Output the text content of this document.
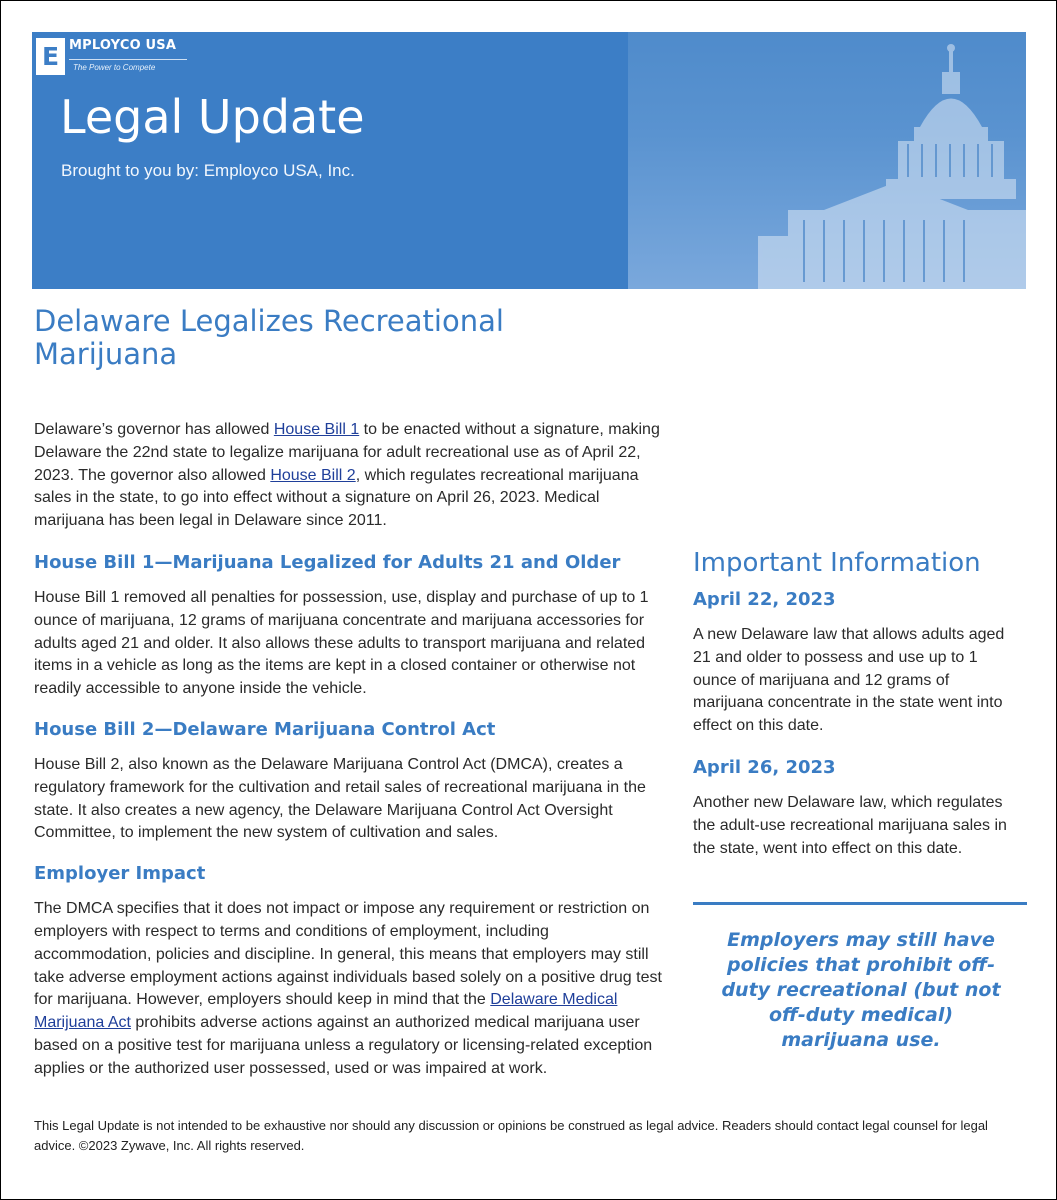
E MPLOYCO USA
The Power to Compete
Legal Update
Brought to you by: Employco USA, Inc.
Delaware Legalizes Recreational Marijuana

Delaware’s governor has allowed House Bill 1 to be enacted without a signature, making Delaware the 22nd state to legalize marijuana for adult recreational use as of April 22, 2023. The governor also allowed House Bill 2, which regulates recreational marijuana sales in the state, to go into effect without a signature on April 26, 2023. Medical marijuana has been legal in Delaware since 2011.

House Bill 1—Marijuana Legalized for Adults 21 and Older

House Bill 1 removed all penalties for possession, use, display and purchase of up to 1 ounce of marijuana, 12 grams of marijuana concentrate and marijuana accessories for adults aged 21 and older. It also allows these adults to transport marijuana and related items in a vehicle as long as the items are kept in a closed container or otherwise not readily accessible to anyone inside the vehicle.

House Bill 2—Delaware Marijuana Control Act

House Bill 2, also known as the Delaware Marijuana Control Act (DMCA), creates a regulatory framework for the cultivation and retail sales of recreational marijuana in the state. It also creates a new agency, the Delaware Marijuana Control Act Oversight Committee, to implement the new system of cultivation and sales.

Employer Impact

The DMCA specifies that it does not impact or impose any requirement or restriction on employers with respect to terms and conditions of employment, including accommodation, policies and discipline. In general, this means that employers may still take adverse employment actions against individuals based solely on a positive drug test for marijuana. However, employers should keep in mind that the Delaware Medical Marijuana Act prohibits adverse actions against an authorized medical marijuana user based on a positive test for marijuana unless a regulatory or licensing-related exception applies or the authorized user possessed, used or was impaired at work.

Important Information
April 22, 2023

A new Delaware law that allows adults aged 21 and older to possess and use up to 1 ounce of marijuana and 12 grams of marijuana concentrate in the state went into effect on this date.

April 26, 2023

Another new Delaware law, which regulates the adult-use recreational marijuana sales in the state, went into effect on this date.

Employers may still have policies that prohibit off-duty recreational (but not off-duty medical) marijuana use.
This Legal Update is not intended to be exhaustive nor should any discussion or opinions be construed as legal advice. Readers should contact legal counsel for legal advice. ©2023 Zywave, Inc. All rights reserved.
